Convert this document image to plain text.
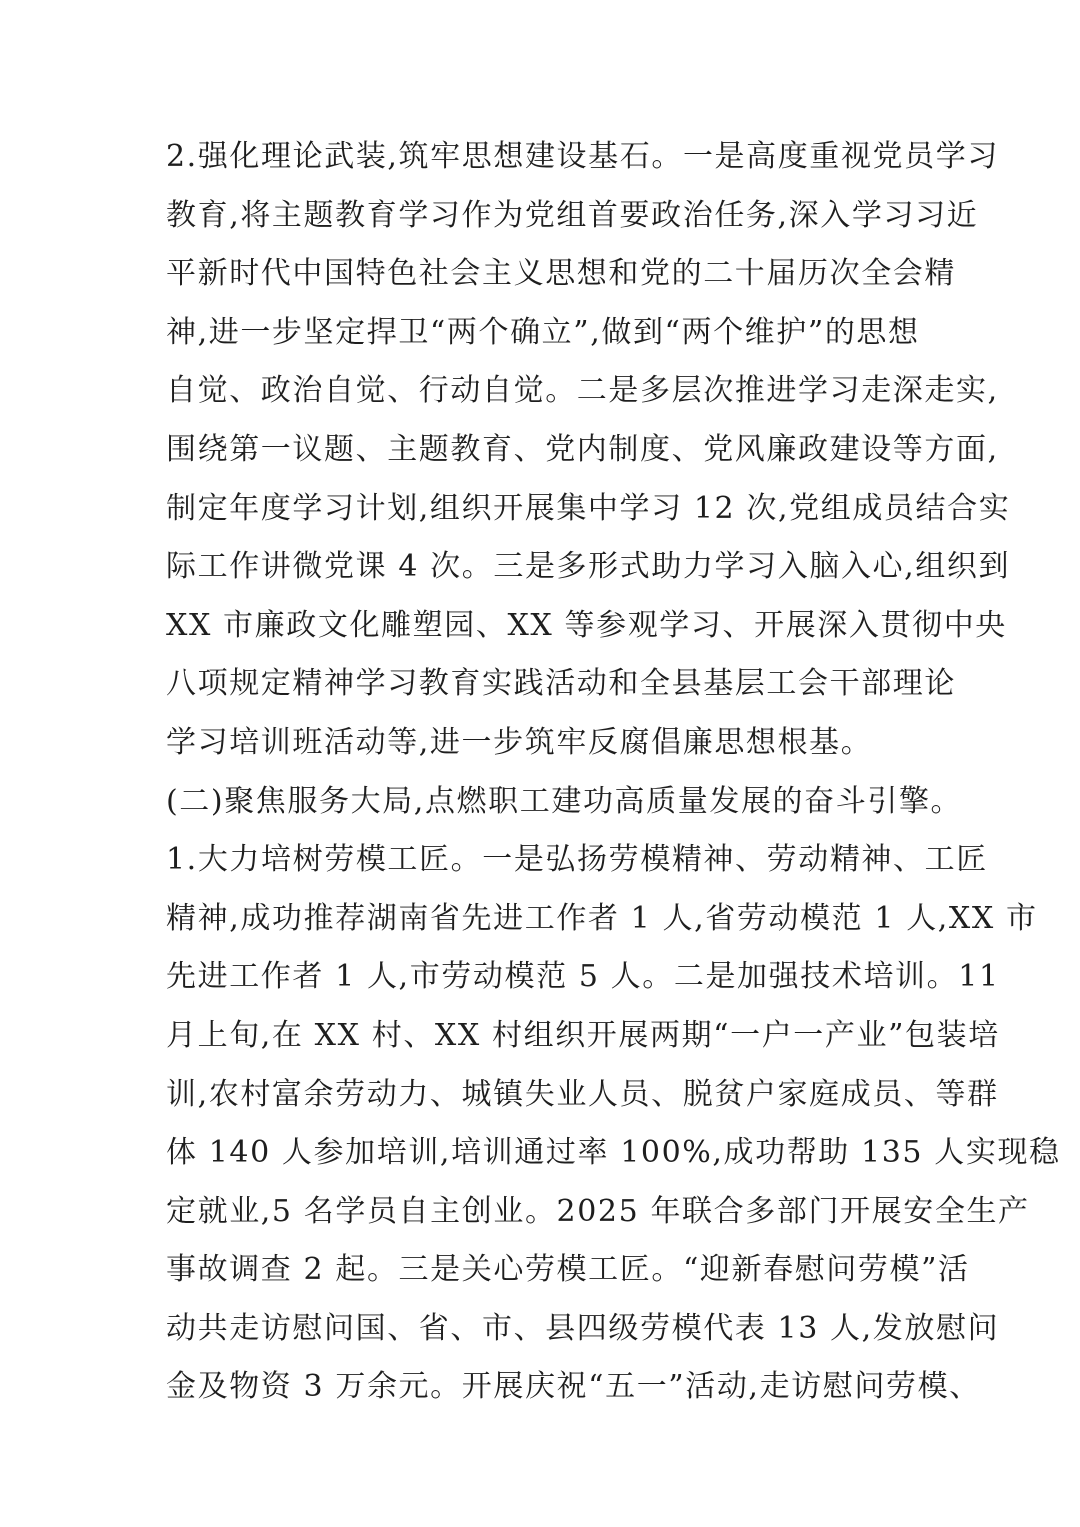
2.强化理论武装,筑牢思想建设基石。一是高度重视党员学习
教育,将主题教育学习作为党组首要政治任务,深入学习习近
平新时代中国特色社会主义思想和党的二十届历次全会精
神,进一步坚定捍卫“两个确立”,做到“两个维护”的思想
自觉、政治自觉、行动自觉。二是多层次推进学习走深走实,
围绕第一议题、主题教育、党内制度、党风廉政建设等方面,
制定年度学习计划,组织开展集中学习 12 次,党组成员结合实
际工作讲微党课 4 次。三是多形式助力学习入脑入心,组织到
XX 市廉政文化雕塑园、XX 等参观学习、开展深入贯彻中央
八项规定精神学习教育实践活动和全县基层工会干部理论
学习培训班活动等,进一步筑牢反腐倡廉思想根基。
(二)聚焦服务大局,点燃职工建功高质量发展的奋斗引擎。
1.大力培树劳模工匠。一是弘扬劳模精神、劳动精神、工匠
精神,成功推荐湖南省先进工作者 1 人,省劳动模范 1 人,XX 市
先进工作者 1 人,市劳动模范 5 人。二是加强技术培训。11
月上旬,在 XX 村、XX 村组织开展两期“一户一产业”包装培
训,农村富余劳动力、城镇失业人员、脱贫户家庭成员、等群
体 140 人参加培训,培训通过率 100%,成功帮助 135 人实现稳
定就业,5 名学员自主创业。2025 年联合多部门开展安全生产
事故调查 2 起。三是关心劳模工匠。“迎新春慰问劳模”活
动共走访慰问国、省、市、县四级劳模代表 13 人,发放慰问
金及物资 3 万余元。开展庆祝“五一”活动,走访慰问劳模、
